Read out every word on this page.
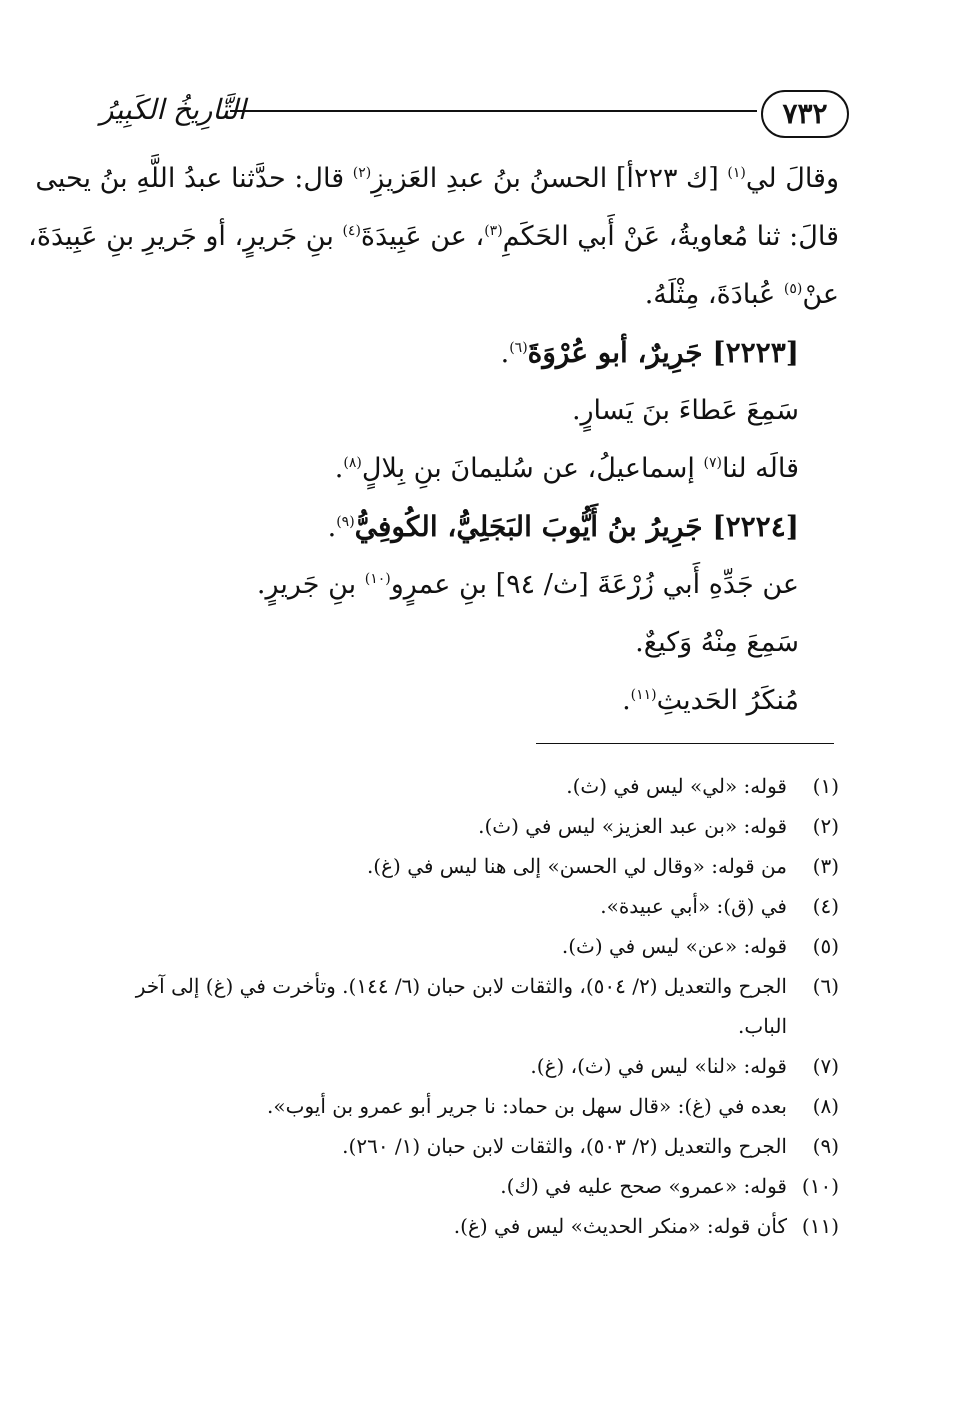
٧٣٢
التَّارِيخُ الكَبِيرُ
وقالَ لي$^{(١)}$ [ك ٢٢٣أ] الحسنُ بنُ عبدِ العَزيزِ$^{(٢)}$ قال: حدَّثنا عبدُ اللَّهِ بنُ يحيى
قالَ: ثنا مُعاويةُ، عَنْ أَبي الحَكَمِ$^{(٣)}$، عن عَبِيدَةَ$^{(٤)}$ بنِ جَريرٍ، أو جَريرِ بنِ عَبِيدَةَ،
عنْ$^{(٥)}$ عُبادَةَ، مِثْلَهُ.
[٢٢٢٣] جَرِيرٌ، أبو عُرْوَةَ$^{(٦)}$.
سَمِعَ عَطاءَ بنَ يَسارٍ.
قالَه لنا$^{(٧)}$ إسماعيلُ، عن سُليمانَ بنِ بِلالٍ$^{(٨)}$.
[٢٢٢٤] جَرِيرُ بنُ أَيُّوبَ البَجَلِيُّ، الكُوفِيُّ$^{(٩)}$.
عن جَدِّهِ أَبي زُرْعَةَ [ث/ ٩٤] بنِ عمرٍو$^{(١٠)}$ بنِ جَريرٍ.
سَمِعَ مِنْهُ وَكيعٌ.
مُنكَرُ الحَديثِ$^{(١١)}$.
(١)
قوله: «لي» ليس في (ث).
(٢)
قوله: «بن عبد العزيز» ليس في (ث).
(٣)
من قوله: «وقال لي الحسن» إلى هنا ليس في (غ).
(٤)
في (ق): «أبي عبيدة».
(٥)
قوله: «عن» ليس في (ث).
(٦)
الجرح والتعديل (٢/ ٥٠٤)، والثقات لابن حبان (٦/ ١٤٤). وتأخرت في (غ) إلى آخر
الباب.
(٧)
قوله: «لنا» ليس في (ث)، (غ).
(٨)
بعده في (غ): «قال سهل بن حماد: نا جرير أبو عمرو بن أيوب».
(٩)
الجرح والتعديل (٢/ ٥٠٣)، والثقات لابن حبان (١/ ٢٦٠).
(١٠)
قوله: «عمرو» صحح عليه في (ك).
(١١)
كأن قوله: «منكر الحديث» ليس في (غ).
